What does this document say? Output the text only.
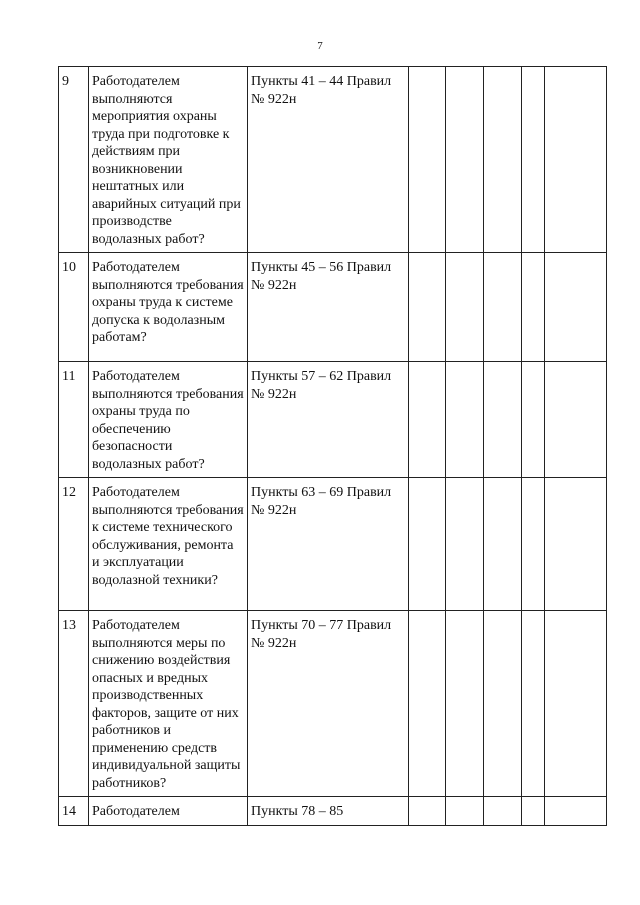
7
9	Работодателем выполняются мероприятия охраны труда при подготовке к действиям при возникновении нештатных или аварийных ситуаций при производстве водолазных работ?	Пункты 41 – 44 Правил № 922н					
10	Работодателем выполняются требования охраны труда к системе допуска к водолазным работам?	Пункты 45 – 56 Правил № 922н					
11	Работодателем выполняются требования охраны труда по обеспечению безопасности водолазных работ?	Пункты 57 – 62 Правил № 922н					
12	Работодателем выполняются требования к системе технического обслуживания, ремонта и эксплуатации водолазной техники?	Пункты 63 – 69 Правил № 922н					
13	Работодателем выполняются меры по снижению воздействия опасных и вредных производственных факторов, защите от них работников и применению средств индивидуальной защиты работников?	Пункты 70 – 77 Правил № 922н					
14	Работодателем	Пункты 78 – 85					
